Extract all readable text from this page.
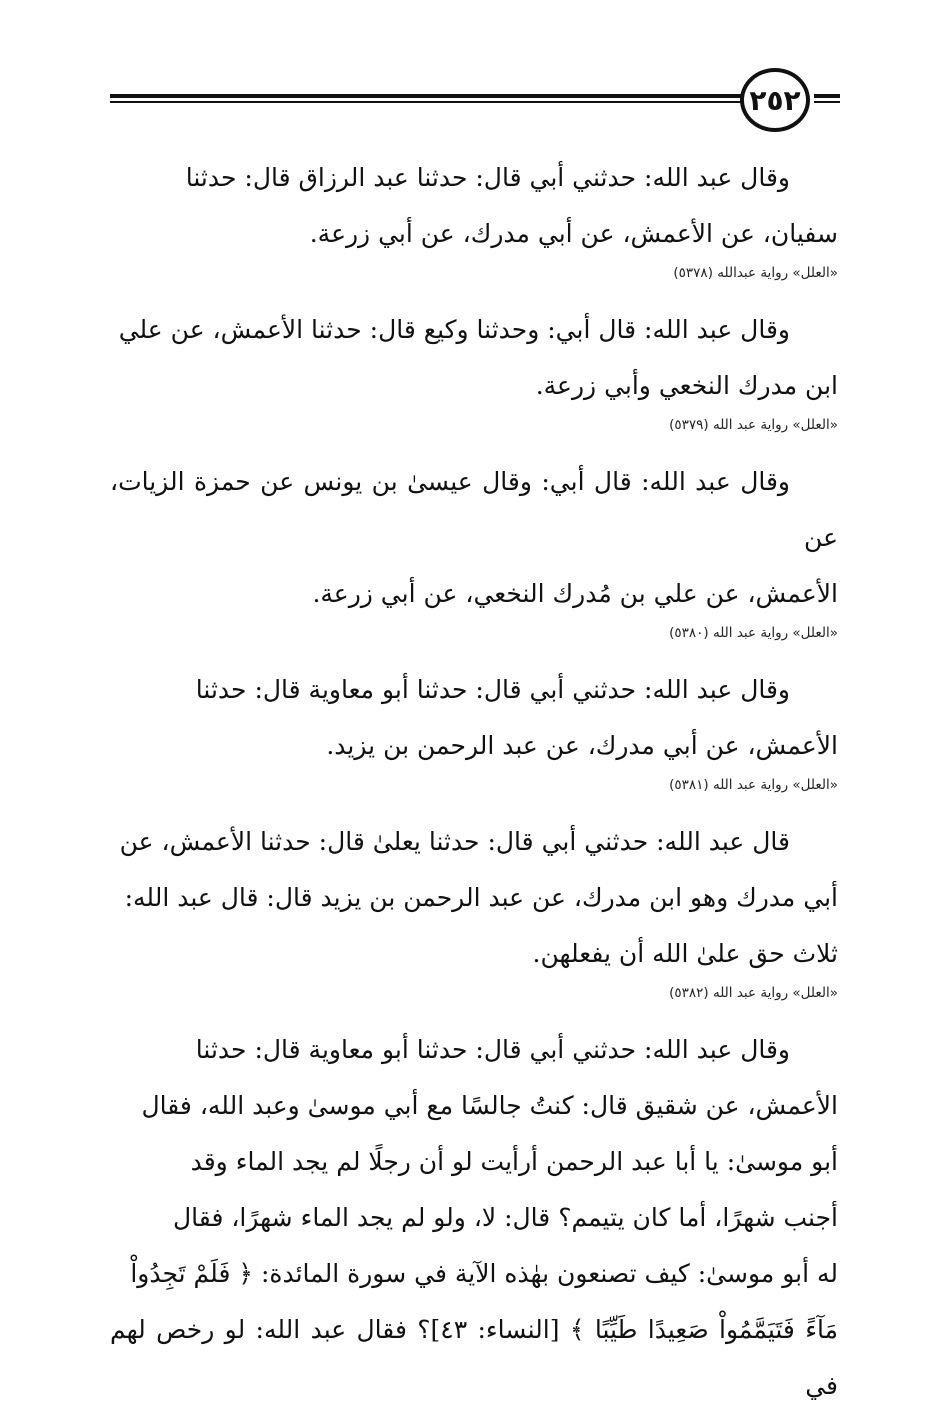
٢٥٢
وقال عبد الله: حدثني أبي قال: حدثنا عبد الرزاق قال: حدثنا
سفيان، عن الأعمش، عن أبي مدرك، عن أبي زرعة.
«العلل» رواية عبدالله (٥٣٧٨)
وقال عبد الله: قال أبي: وحدثنا وكيع قال: حدثنا الأعمش، عن علي
ابن مدرك النخعي وأبي زرعة.
«العلل» رواية عبد الله (٥٣٧٩)
وقال عبد الله: قال أبي: وقال عيسىٰ بن يونس عن حمزة الزيات، عن
الأعمش، عن علي بن مُدرك النخعي، عن أبي زرعة.
«العلل» رواية عبد الله (٥٣٨٠)
وقال عبد الله: حدثني أبي قال: حدثنا أبو معاوية قال: حدثنا
الأعمش، عن أبي مدرك، عن عبد الرحمن بن يزيد.
«العلل» رواية عبد الله (٥٣٨١)
قال عبد الله: حدثني أبي قال: حدثنا يعلىٰ قال: حدثنا الأعمش، عن
أبي مدرك وهو ابن مدرك، عن عبد الرحمن بن يزيد قال: قال عبد الله:
ثلاث حق علىٰ الله أن يفعلهن.
«العلل» رواية عبد الله (٥٣٨٢)
وقال عبد الله: حدثني أبي قال: حدثنا أبو معاوية قال: حدثنا
الأعمش، عن شقيق قال: كنتُ جالسًا مع أبي موسىٰ وعبد الله، فقال
أبو موسىٰ: يا أبا عبد الرحمن أرأيت لو أن رجلًا لم يجد الماء وقد
أجنب شهرًا، أما كان يتيمم؟ قال: لا، ولو لم يجد الماء شهرًا، فقال
له أبو موسىٰ: كيف تصنعون بهٰذه الآية في سورة المائدة: ﴿ فَلَمْ تَجِدُواْ
مَآءً فَتَيَمَّمُواْ صَعِيدًا طَيِّبًا ﴾ [النساء: ٤٣]؟ فقال عبد الله: لو رخص لهم في
